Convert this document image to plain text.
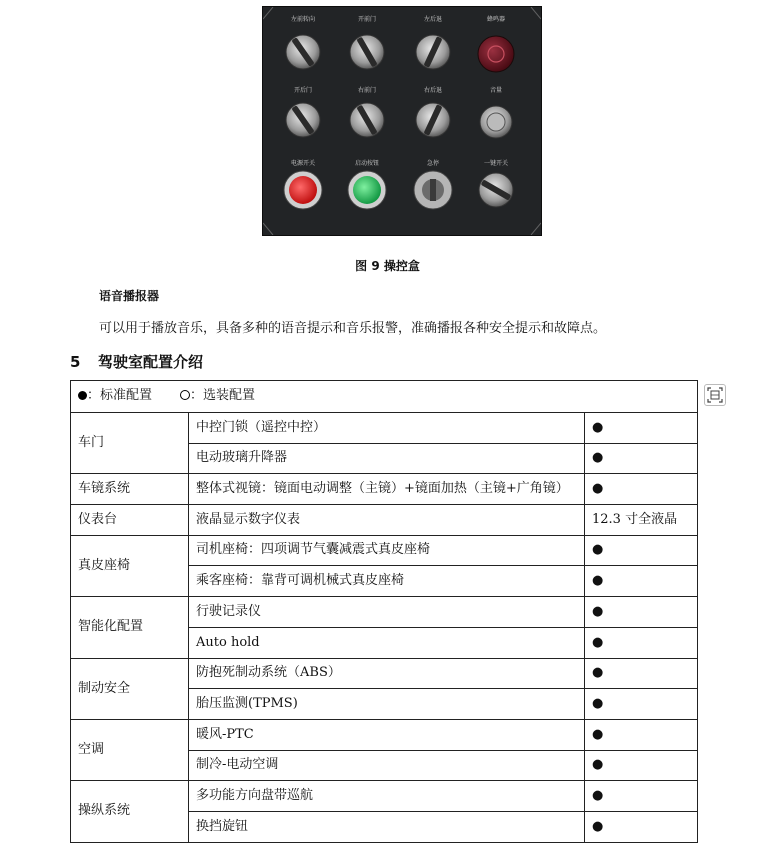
左前转向	开前门	左后退	蜂鸣器
开后门	右前门	右后退	音量
电源开关	启动按钮	急停	一键开关
图 9 操控盒
语音播报器
可以用于播放音乐，具备多种的语音提示和音乐报警，准确播报各种安全提示和故障点。
5 驾驶室配置介绍
：标准配置 ：选装配置		
车门	中控门锁（遥控中控）	●
	电动玻璃升降器	●
车镜系统	整体式视镜：镜面电动调整（主镜）+镜面加热（主镜+广角镜）	●
仪表台	液晶显示数字仪表	12.3 寸全液晶
真皮座椅	司机座椅：四项调节气囊减震式真皮座椅	●
	乘客座椅：靠背可调机械式真皮座椅	●
智能化配置	行驶记录仪	●
	Auto hold	●
制动安全	防抱死制动系统（ABS）	●
	胎压监测(TPMS)	●
空调	暖风-PTC	●
	制冷-电动空调	●
操纵系统	多功能方向盘带巡航	●
	换挡旋钮	●
